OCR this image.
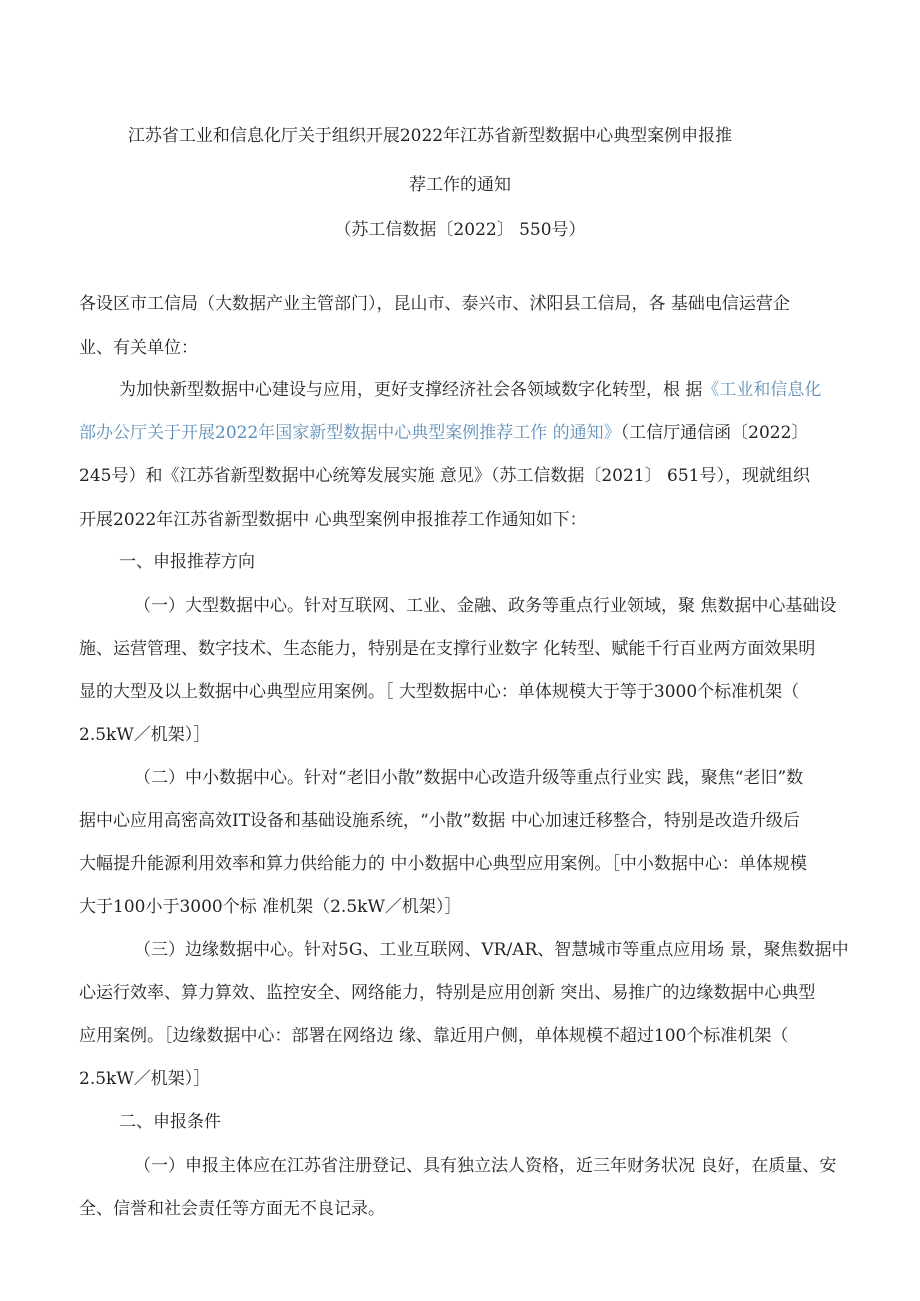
江苏省工业和信息化厅关于组织开展2022年江苏省新型数据中心典型案例申报推
荐工作的通知
（苏工信数据〔2022〕 550号）
各设区市工信局（大数据产业主管部门），昆山市、泰兴市、沭阳县工信局，各 基础电信运营企
业、有关单位：
为加快新型数据中心建设与应用，更好支撑经济社会各领域数字化转型，根 据《工业和信息化
部办公厅关于开展2022年国家新型数据中心典型案例推荐工作 的通知》（工信厅通信函〔2022〕
245号）和《江苏省新型数据中心统筹发展实施 意见》（苏工信数据〔2021〕 651号），现就组织
开展2022年江苏省新型数据中 心典型案例申报推荐工作通知如下：
一、申报推荐方向
（一）大型数据中心。针对互联网、工业、金融、政务等重点行业领域，聚 焦数据中心基础设
施、运营管理、数字技术、生态能力，特别是在支撑行业数字 化转型、赋能千行百业两方面效果明
显的大型及以上数据中心典型应用案例。［ 大型数据中心：单体规模大于等于3000个标准机架（
2.5kW／机架）］
（二）中小数据中心。针对“老旧小散”数据中心改造升级等重点行业实 践，聚焦“老旧”数
据中心应用高密高效IT设备和基础设施系统，“小散”数据 中心加速迁移整合，特别是改造升级后
大幅提升能源利用效率和算力供给能力的 中小数据中心典型应用案例。［中小数据中心：单体规模
大于100小于3000个标 准机架（2.5kW／机架）］
（三）边缘数据中心。针对5G、工业互联网、VR/AR、智慧城市等重点应用场 景，聚焦数据中
心运行效率、算力算效、监控安全、网络能力，特别是应用创新 突出、易推广的边缘数据中心典型
应用案例。［边缘数据中心：部署在网络边 缘、靠近用户侧，单体规模不超过100个标准机架（
2.5kW／机架）］
二、申报条件
（一）申报主体应在江苏省注册登记、具有独立法人资格，近三年财务状况 良好，在质量、安
全、信誉和社会责任等方面无不良记录。
